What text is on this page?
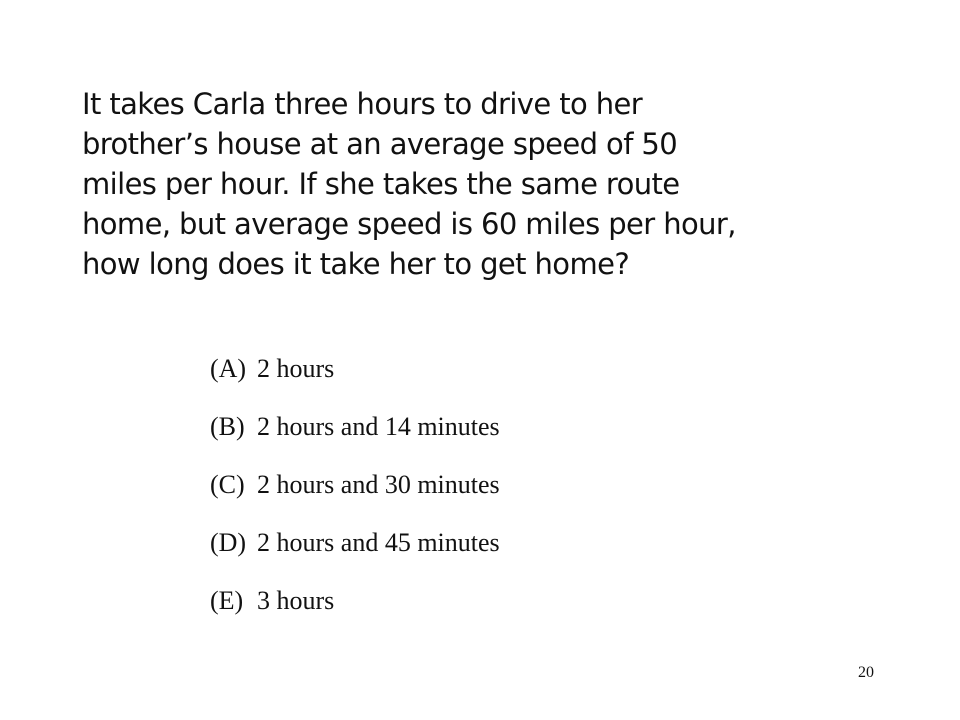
It takes Carla three hours to drive to her
brother’s house at an average speed of 50
miles per hour. If she takes the same route
home, but average speed is 60 miles per hour,
how long does it take her to get home?

(A) 2 hours
(B) 2 hours and 14 minutes
(C) 2 hours and 30 minutes
(D) 2 hours and 45 minutes
(E) 3 hours
20
